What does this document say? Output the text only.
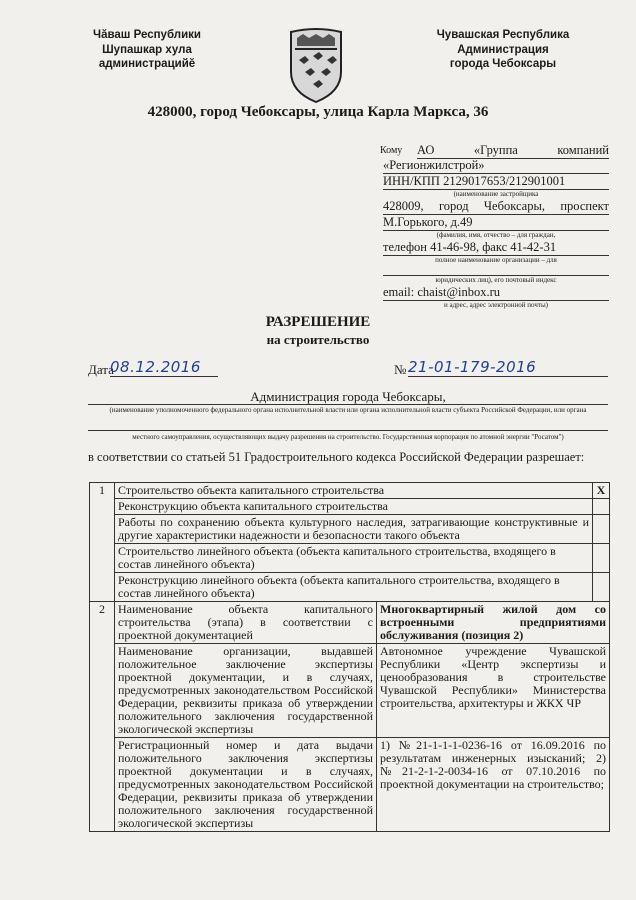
Чăваш Республики
Шупашкар хула
администрацийĕ
Чувашская Республика
Администрация
города Чебоксары
428000, город Чебоксары, улица Карла Маркса, 36
Кому АО «Группа компаний
«Регионжилстрой»
ИНН/КПП 2129017653/212901001
(наименование застройщика
428009, город Чебоксары, проспект
М.Горького, д.49
(фамилия, имя, отчество – для граждан,
телефон 41-46-98, факс 41-42-31
полное наименование организации – для
юридических лиц), его почтовый индекс
email: chaist@inbox.ru
и адрес, адрес электронной почты)
РАЗРЕШЕНИЕ
на строительство
Дата
08.12.2016	№ 21-01-179-2016
Администрация города Чебоксары,
(наименование уполномоченного федерального органа исполнительной власти или органа исполнительной власти субъекта Российской Федерации, или органа
местного самоуправления, осуществляющих выдачу разрешения на строительство. Государственная корпорация по атомной энергии "Росатом")
в соответствии со статьей 51 Градостроительного кодекса Российской Федерации разрешает:
1	Строительство объекта капитального строительства		X
	Реконструкцию объекта капитального строительства		
	Работы по сохранению объекта культурного наследия, затрагивающие конструктивные и другие характеристики надежности и безопасности такого объекта		
	Строительство линейного объекта (объекта капитального строительства, входящего в состав линейного объекта)		
	Реконструкцию линейного объекта (объекта капитального строительства, входящего в состав линейного объекта)		
2	Наименование объекта капитального строительства (этапа) в соответствии с проектной документацией	Многоквартирный жилой дом со встроенными предприятиями обслуживания (позиция 2)	
	Наименование организации, выдавшей положительное заключение экспертизы проектной документации, и в случаях, предусмотренных законодательством Российской Федерации, реквизиты приказа об утверждении положительного заключения государственной экологической экспертизы	Автономное учреждение Чувашской Республики «Центр экспертизы и ценообразования в строительстве Чувашской Республики» Министерства строительства, архитектуры и ЖКХ ЧР	
	Регистрационный номер и дата выдачи положительного заключения экспертизы проектной документации и в случаях, предусмотренных законодательством Российской Федерации, реквизиты приказа об утверждении положительного заключения государственной экологической экспертизы	1) №21-1-1-1-0236-16 от 16.09.2016 по результатам инженерных изысканий; 2) №21-2-1-2-0034-16 от 07.10.2016 по проектной документации на строительство;	
